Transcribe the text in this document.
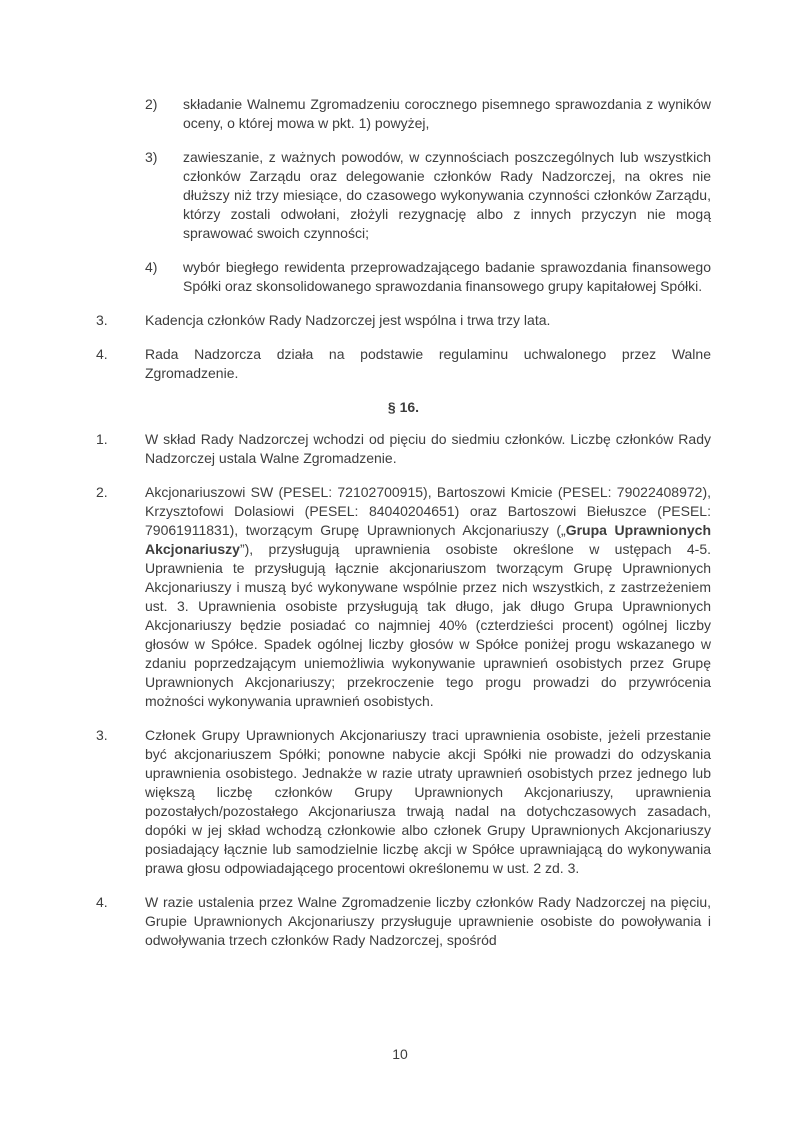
2)	składanie Walnemu Zgromadzeniu corocznego pisemnego sprawozdania z wyników oceny, o której mowa w pkt. 1) powyżej,

3)	zawieszanie, z ważnych powodów, w czynnościach poszczególnych lub wszystkich członków Zarządu oraz delegowanie członków Rady Nadzorczej, na okres nie dłuższy niż trzy miesiące, do czasowego wykonywania czynności członków Zarządu, którzy zostali odwołani, złożyli rezygnację albo z innych przyczyn nie mogą sprawować swoich czynności;

4)	wybór biegłego rewidenta przeprowadzającego badanie sprawozdania finansowego Spółki oraz skonsolidowanego sprawozdania finansowego grupy kapitałowej Spółki.

3.	Kadencja członków Rady Nadzorczej jest wspólna i trwa trzy lata.

4.	Rada Nadzorcza działa na podstawie regulaminu uchwalonego przez Walne Zgromadzenie.

§ 16.
1.	W skład Rady Nadzorczej wchodzi od pięciu do siedmiu członków. Liczbę członków Rady Nadzorczej ustala Walne Zgromadzenie.

2.	Akcjonariuszowi SW (PESEL: 72102700915), Bartoszowi Kmicie (PESEL: 79022408972), Krzysztofowi Dolasiowi (PESEL: 84040204651) oraz Bartoszowi Biełuszce (PESEL: 79061911831), tworzącym Grupę Uprawnionych Akcjonariuszy („Grupa Uprawnionych Akcjonariuszy”), przysługują uprawnienia osobiste określone w ustępach 4-5. Uprawnienia te przysługują łącznie akcjonariuszom tworzącym Grupę Uprawnionych Akcjonariuszy i muszą być wykonywane wspólnie przez nich wszystkich, z zastrzeżeniem ust. 3. Uprawnienia osobiste przysługują tak długo, jak długo Grupa Uprawnionych Akcjonariuszy będzie posiadać co najmniej 40% (czterdzieści procent) ogólnej liczby głosów w Spółce. Spadek ogólnej liczby głosów w Spółce poniżej progu wskazanego w zdaniu poprzedzającym uniemożliwia wykonywanie uprawnień osobistych przez Grupę Uprawnionych Akcjonariuszy; przekroczenie tego progu prowadzi do przywrócenia możności wykonywania uprawnień osobistych.

3.	Członek Grupy Uprawnionych Akcjonariuszy traci uprawnienia osobiste, jeżeli przestanie być akcjonariuszem Spółki; ponowne nabycie akcji Spółki nie prowadzi do odzyskania uprawnienia osobistego. Jednakże w razie utraty uprawnień osobistych przez jednego lub większą liczbę członków Grupy Uprawnionych Akcjonariuszy, uprawnienia pozostałych/pozostałego Akcjonariusza trwają nadal na dotychczasowych zasadach, dopóki w jej skład wchodzą członkowie albo członek Grupy Uprawnionych Akcjonariuszy posiadający łącznie lub samodzielnie liczbę akcji w Spółce uprawniającą do wykonywania prawa głosu odpowiadającego procentowi określonemu w ust. 2 zd. 3.

4.	W razie ustalenia przez Walne Zgromadzenie liczby członków Rady Nadzorczej na pięciu, Grupie Uprawnionych Akcjonariuszy przysługuje uprawnienie osobiste do powoływania i odwoływania trzech członków Rady Nadzorczej, spośród

10
